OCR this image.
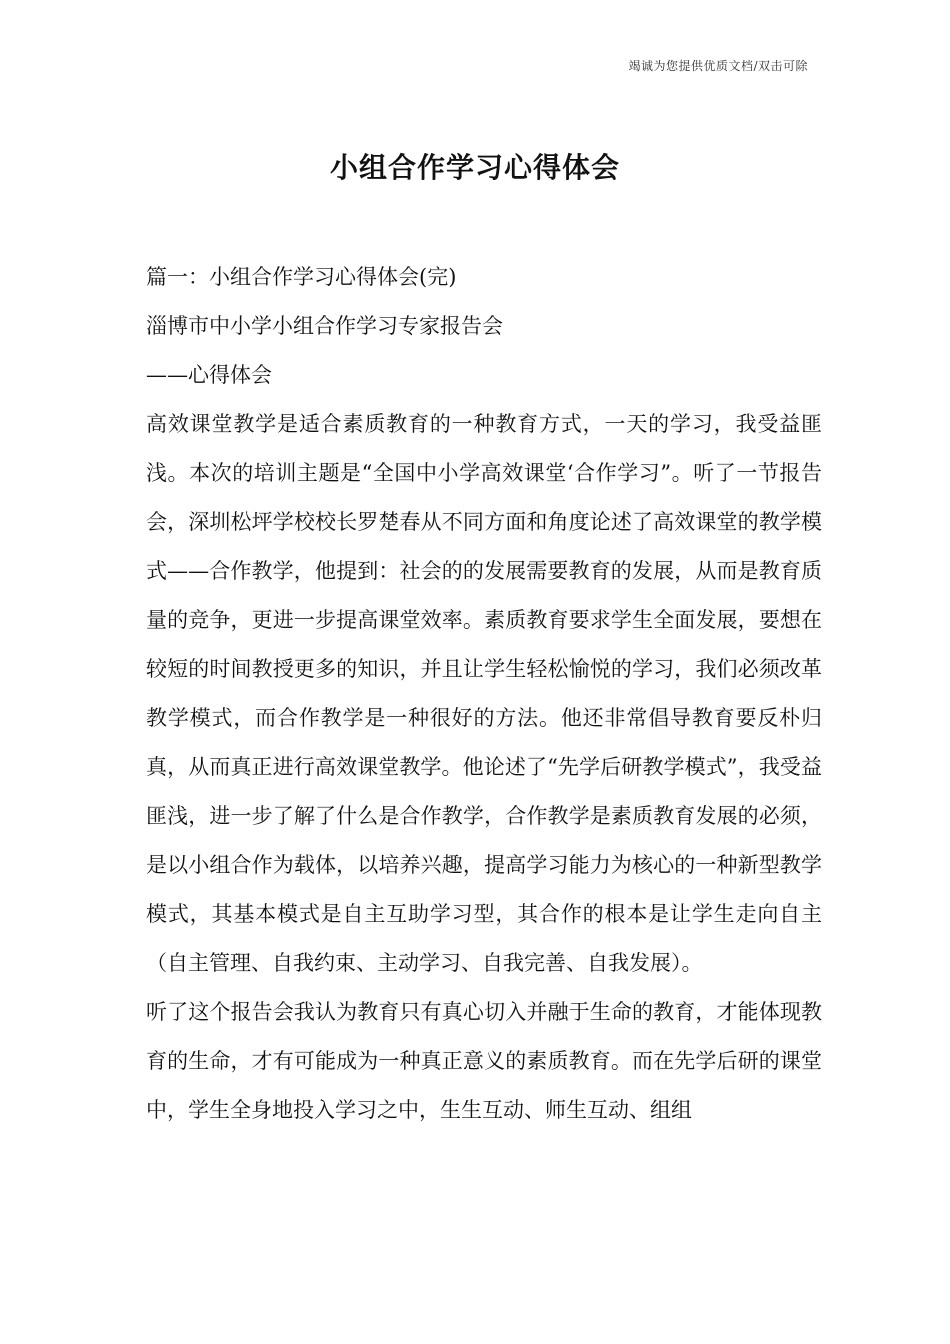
竭诚为您提供优质文档/双击可除
小组合作学习心得体会

篇一：小组合作学习心得体会(完)

淄博市中小学小组合作学习专家报告会

——心得体会

高效课堂教学是适合素质教育的一种教育方式，一天的学习，我受益匪浅。本次的培训主题是“全国中小学高效课堂‘合作学习”。听了一节报告会，深圳松坪学校校长罗楚春从不同方面和角度论述了高效课堂的教学模式——合作教学，他提到：社会的的发展需要教育的发展，从而是教育质量的竞争，更进一步提高课堂效率。素质教育要求学生全面发展，要想在较短的时间教授更多的知识，并且让学生轻松愉悦的学习，我们必须改革教学模式，而合作教学是一种很好的方法。他还非常倡导教育要反朴归真，从而真正进行高效课堂教学。他论述了“先学后研教学模式”，我受益匪浅，进一步了解了什么是合作教学，合作教学是素质教育发展的必须，是以小组合作为载体，以培养兴趣，提高学习能力为核心的一种新型教学模式，其基本模式是自主互助学习型，其合作的根本是让学生走向自主（自主管理、自我约束、主动学习、自我完善、自我发展）。

听了这个报告会我认为教育只有真心切入并融于生命的教育，才能体现教育的生命，才有可能成为一种真正意义的素质教育。而在先学后研的课堂中，学生全身地投入学习之中，生生互动、师生互动、组组
